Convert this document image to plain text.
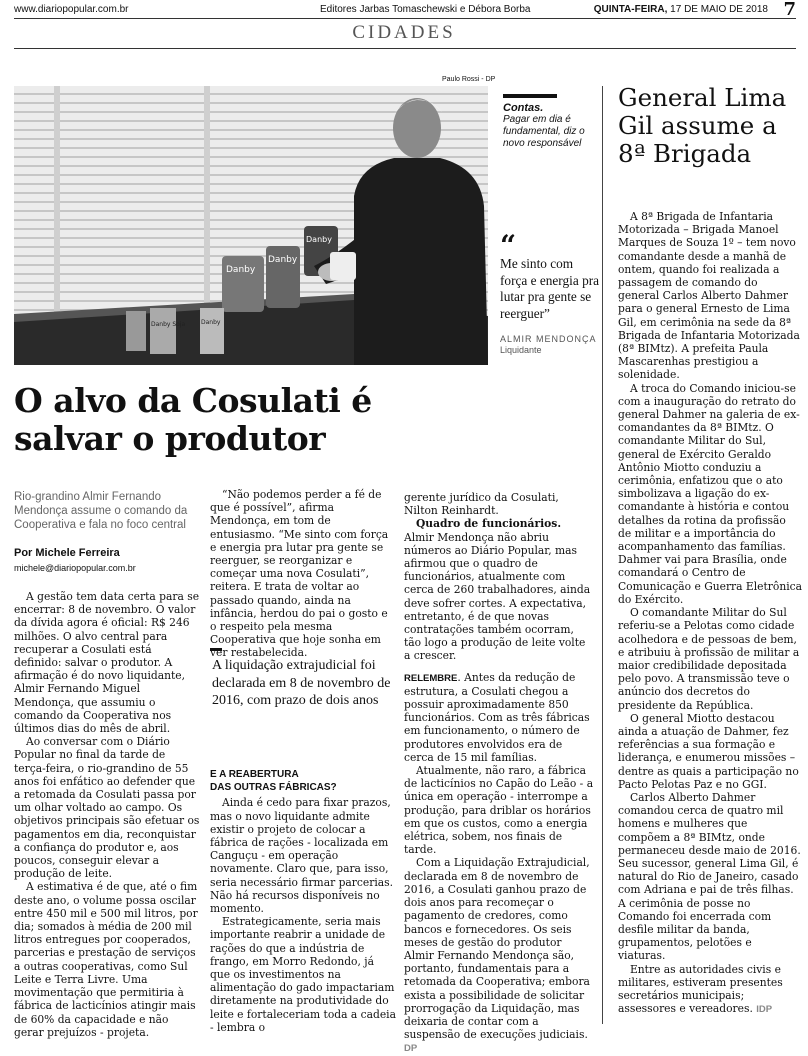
www.diariopopular.com.br	Editores Jarbas Tomaschewski e Débora Borba	QUINTA-FEIRA, 17 DE MAIO DE 2018 7
CIDADES
Paulo Rossi - DP
Danby
Danby
Danby
Danby Soja	Danby
Contas.
Pagar em dia é fundamental, diz o novo responsável
“
Me sinto com força e energia pra lutar pra gente se reerguer”
ALMIR MENDONÇA
Liquidante
General Lima Gil assume a 8ª Brigada

A 8ª Brigada de Infantaria Motorizada – Brigada Manoel Marques de Souza 1º – tem novo comandante desde a manhã de ontem, quando foi realizada a passagem de comando do general Carlos Alberto Dahmer para o general Ernesto de Lima Gil, em cerimônia na sede da 8ª Brigada de Infantaria Motorizada (8ª BIMtz). A prefeita Paula Mascarenhas prestigiou a solenidade.

A troca do Comando iniciou-se com a inauguração do retrato do general Dahmer na galeria de ex-comandantes da 8ª BIMtz. O comandante Militar do Sul, general de Exército Geraldo Antônio Miotto conduziu a cerimônia, enfatizou que o ato simbolizava a ligação do ex-comandante à história e contou detalhes da rotina da profissão de militar e a importância do acompanhamento das famílias. Dahmer vai para Brasília, onde comandará o Centro de Comunicação e Guerra Eletrônica do Exército.

O comandante Militar do Sul referiu-se a Pelotas como cidade acolhedora e de pessoas de bem, e atribuiu à profissão de militar a maior credibilidade depositada pelo povo. A transmissão teve o anúncio dos decretos do presidente da República.

O general Miotto destacou ainda a atuação de Dahmer, fez referências a sua formação e liderança, e enumerou missões – dentre as quais a participação no Pacto Pelotas Paz e no GGI.

Carlos Alberto Dahmer comandou cerca de quatro mil homens e mulheres que compõem a 8ª BIMtz, onde permaneceu desde maio de 2016. Seu sucessor, general Lima Gil, é natural do Rio de Janeiro, casado com Adriana e pai de três filhas. A cerimônia de posse no Comando foi encerrada com desfile militar da banda, grupamentos, pelotões e viaturas.

Entre as autoridades civis e militares, estiveram presentes secretários municipais; assessores e vereadores. IDP

O alvo da Cosulati é salvar o produtor
Rio-grandino Almir Fernando Mendonça assume o comando da Cooperativa e fala no foco central
Por Michele Ferreira
michele@diariopopular.com.br

A gestão tem data certa para se encerrar: 8 de novembro. O valor da dívida agora é oficial: R$ 246 milhões. O alvo central para recuperar a Cosulati está definido: salvar o produtor. A afirmação é do novo liquidante, Almir Fernando Miguel Mendonça, que assumiu o comando da Cooperativa nos últimos dias do mês de abril.

Ao conversar com o Diário Popular no final da tarde de terça-feira, o rio-grandino de 55 anos foi enfático ao defender que a retomada da Cosulati passa por um olhar voltado ao campo. Os objetivos principais são efetuar os pagamentos em dia, reconquistar a confiança do produtor e, aos poucos, conseguir elevar a produção de leite.

A estimativa é de que, até o fim deste ano, o volume possa oscilar entre 450 mil e 500 mil litros, por dia; somados à média de 200 mil litros entregues por cooperados, parcerias e prestação de serviços a outras cooperativas, como Sul Leite e Terra Livre. Uma movimentação que permitiria à fábrica de lacticínios atingir mais de 60% da capacidade e não gerar prejuízos - projeta.

“Não podemos perder a fé de que é possível”, afirma Mendonça, em tom de entusiasmo. “Me sinto com força e energia pra lutar pra gente se reerguer, se reorganizar e começar uma nova Cosulati”, reitera. E trata de voltar ao passado quando, ainda na infância, herdou do pai o gosto e o respeito pela mesma Cooperativa que hoje sonha em ver restabelecida.

A liquidação extrajudicial foi declarada em 8 de novembro de 2016, com prazo de dois anos
E A REABERTURA
DAS OUTRAS FÁBRICAS?

Ainda é cedo para fixar prazos, mas o novo liquidante admite existir o projeto de colocar a fábrica de rações - localizada em Canguçu - em operação novamente. Claro que, para isso, seria necessário firmar parcerias. Não há recursos disponíveis no momento.

Estrategicamente, seria mais importante reabrir a unidade de rações do que a indústria de frango, em Morro Redondo, já que os investimentos na alimentação do gado impactariam diretamente na produtividade do leite e fortaleceriam toda a cadeia - lembra o

gerente jurídico da Cosulati, Nilton Reinhardt.

Quadro de funcionários. Almir Mendonça não abriu números ao Diário Popular, mas afirmou que o quadro de funcionários, atualmente com cerca de 260 trabalhadores, ainda deve sofrer cortes. A expectativa, entretanto, é de que novas contratações também ocorram, tão logo a produção de leite volte a crescer.

RELEMBRE. Antes da redução de estrutura, a Cosulati chegou a possuir aproximadamente 850 funcionários. Com as três fábricas em funcionamento, o número de produtores envolvidos era de cerca de 15 mil famílias.

Atualmente, não raro, a fábrica de lacticínios no Capão do Leão - a única em operação - interrompe a produção, para driblar os horários em que os custos, como a energia elétrica, sobem, nos finais de tarde.

Com a Liquidação Extrajudicial, declarada em 8 de novembro de 2016, a Cosulati ganhou prazo de dois anos para recomeçar o pagamento de credores, como bancos e fornecedores. Os seis meses de gestão do produtor Almir Fernando Mendonça são, portanto, fundamentais para a retomada da Cooperativa; embora exista a possibilidade de solicitar prorrogação da Liquidação, mas deixaria de contar com a suspensão de execuções judiciais. DP
